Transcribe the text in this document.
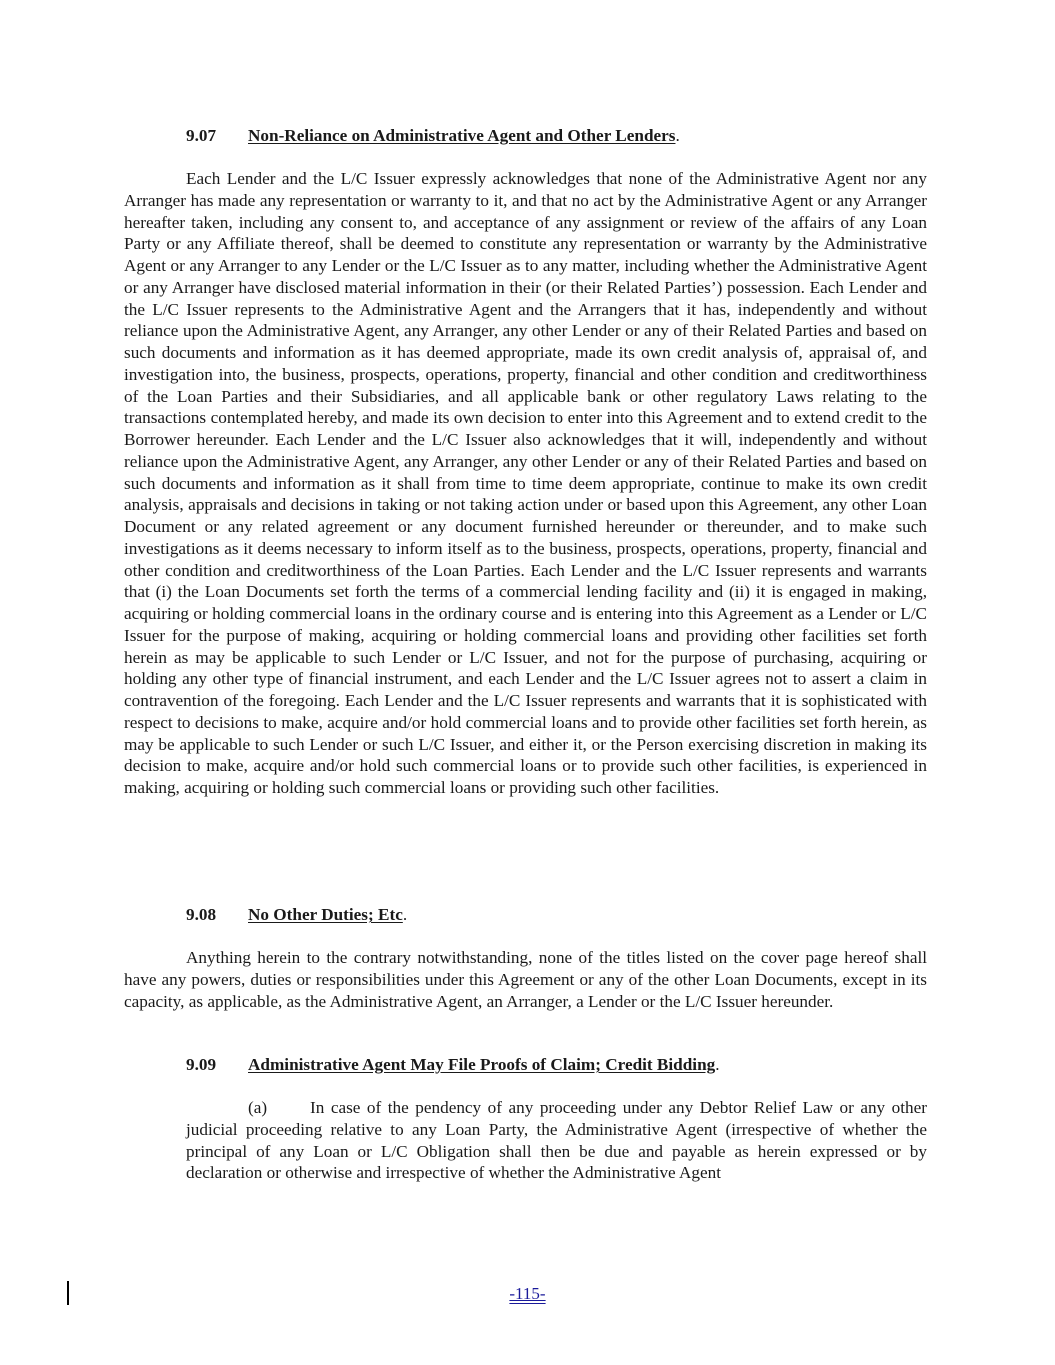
9.07 Non-Reliance on Administrative Agent and Other Lenders.

Each Lender and the L/C Issuer expressly acknowledges that none of the Administrative Agent nor any Arranger has made any representation or warranty to it, and that no act by the Administrative Agent or any Arranger hereafter taken, including any consent to, and acceptance of any assignment or review of the affairs of any Loan Party or any Affiliate thereof, shall be deemed to constitute any representation or warranty by the Administrative Agent or any Arranger to any Lender or the L/C Issuer as to any matter, including whether the Administrative Agent or any Arranger have disclosed material information in their (or their Related Parties’) possession. Each Lender and the L/C Issuer represents to the Administrative Agent and the Arrangers that it has, independently and without reliance upon the Administrative Agent, any Arranger, any other Lender or any of their Related Parties and based on such documents and information as it has deemed appropriate, made its own credit analysis of, appraisal of, and investigation into, the business, prospects, operations, property, financial and other condition and creditworthiness of the Loan Parties and their Subsidiaries, and all applicable bank or other regulatory Laws relating to the transactions contemplated hereby, and made its own decision to enter into this Agreement and to extend credit to the Borrower hereunder. Each Lender and the L/C Issuer also acknowledges that it will, independently and without reliance upon the Administrative Agent, any Arranger, any other Lender or any of their Related Parties and based on such documents and information as it shall from time to time deem appropriate, continue to make its own credit analysis, appraisals and decisions in taking or not taking action under or based upon this Agreement, any other Loan Document or any related agreement or any document furnished hereunder or thereunder, and to make such investigations as it deems necessary to inform itself as to the business, prospects, operations, property, financial and other condition and creditworthiness of the Loan Parties. Each Lender and the L/C Issuer represents and warrants that (i) the Loan Documents set forth the terms of a commercial lending facility and (ii) it is engaged in making, acquiring or holding commercial loans in the ordinary course and is entering into this Agreement as a Lender or L/C Issuer for the purpose of making, acquiring or holding commercial loans and providing other facilities set forth herein as may be applicable to such Lender or L/C Issuer, and not for the purpose of purchasing, acquiring or holding any other type of financial instrument, and each Lender and the L/C Issuer agrees not to assert a claim in contravention of the foregoing. Each Lender and the L/C Issuer represents and warrants that it is sophisticated with respect to decisions to make, acquire and/or hold commercial loans and to provide other facilities set forth herein, as may be applicable to such Lender or such L/C Issuer, and either it, or the Person exercising discretion in making its decision to make, acquire and/or hold such commercial loans or to provide such other facilities, is experienced in making, acquiring or holding such commercial loans or providing such other facilities.

9.08 No Other Duties; Etc.

Anything herein to the contrary notwithstanding, none of the titles listed on the cover page hereof shall have any powers, duties or responsibilities under this Agreement or any of the other Loan Documents, except in its capacity, as applicable, as the Administrative Agent, an Arranger, a Lender or the L/C Issuer hereunder.

9.09 Administrative Agent May File Proofs of Claim; Credit Bidding.

(a) In case of the pendency of any proceeding under any Debtor Relief Law or any other judicial proceeding relative to any Loan Party, the Administrative Agent (irrespective of whether the principal of any Loan or L/C Obligation shall then be due and payable as herein expressed or by declaration or otherwise and irrespective of whether the Administrative Agent

-115-
